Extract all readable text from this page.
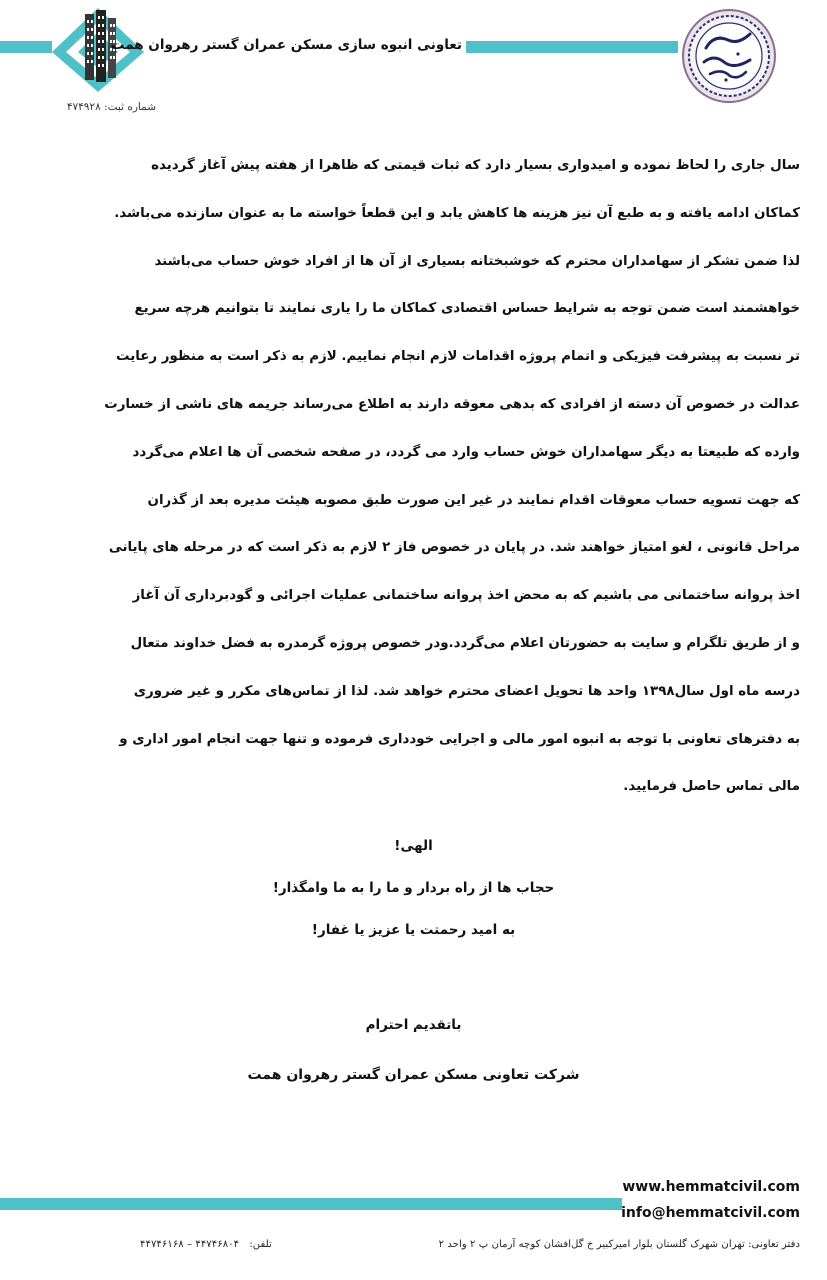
تعاونی انبوه سازی مسکن عمران گستر رهروان همت
شماره ثبت: ۴۷۴۹۲۸

سال جاری را لحاظ نموده و امیدواری بسیار دارد که ثبات قیمتی که ظاهرا از هفته پیش آغاز گردیده
کماکان ادامه یافته و به طبع آن نیز هزینه ها کاهش یابد و این قطعاً خواسته ما به عنوان سازنده می‌باشد.
لذا ضمن تشکر از سهامداران محترم که خوشبختانه بسیاری از آن ها از افراد خوش حساب می‌باشند
خواهشمند است ضمن توجه به شرایط حساس اقتصادی کماکان ما را یاری نمایند تا بتوانیم هرچه سریع
تر نسبت به پیشرفت فیزیکی و اتمام پروژه اقدامات لازم انجام نماییم. لازم به ذکر است به منظور رعایت
عدالت در خصوص آن دسته از افرادی که بدهی معوقه دارند به اطلاع می‌رساند جریمه های ناشی از خسارت
وارده که طبیعتا به دیگر سهامداران خوش حساب وارد می گردد، در صفحه شخصی آن ها اعلام می‌گردد
که جهت تسویه حساب معوقات اقدام نمایند در غیر این صورت طبق مصوبه هیئت مدیره بعد از گذران
مراحل قانونی ، لغو امتیاز خواهند شد. در پایان در خصوص فاز ۲ لازم به ذکر است که در مرحله های پایانی
اخذ پروانه ساختمانی می باشیم که به محض اخذ پروانه ساختمانی عملیات اجرائی و گودبرداری آن آغاز
و از طریق تلگرام و سایت به حضورتان اعلام می‌گردد.ودر خصوص پروژه گرمدره به فضل خداوند متعال
درسه ماه اول سال۱۳۹۸ واحد ها تحویل اعضای محترم خواهد شد. لذا از تماس‌های مکرر و غیر ضروری
به دفترهای تعاونی با توجه به انبوه امور مالی و اجرایی خودداری فرموده و تنها جهت انجام امور اداری و
مالی تماس حاصل فرمایید.

الهی!
حجاب ها از راه بردار و ما را به ما وامگذار!
به امید رحمتت یا عزیز یا غفار!
باتقدیم احترام
شرکت تعاونی مسکن عمران گستر رهروان همت
www.hemmatcivil.com
info@hemmatcivil.com
دفتر تعاونی: تهران شهرک گلستان بلوار امیرکبیر خ گل‌افشان کوچه آرمان پ ۲ واحد ۲
تلفن: ۴۴۷۴۶۸۰۴ – ۴۴۷۴۶۱۶۸
